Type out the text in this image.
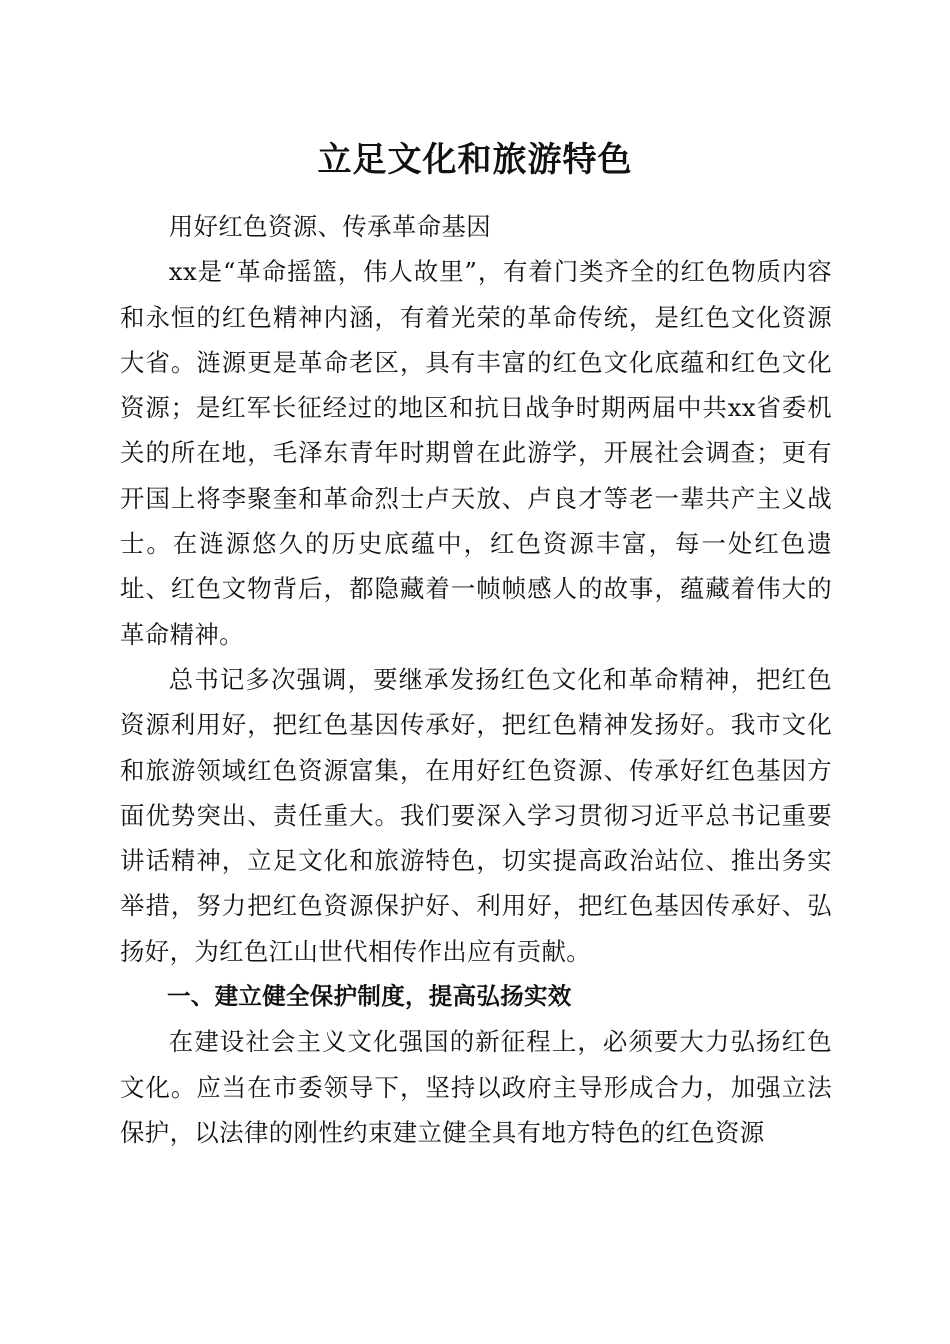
立足文化和旅游特色

用好红色资源、传承革命基因

xx是“革命摇篮，伟人故里”，有着门类齐全的红色物质内容和永恒的红色精神内涵，有着光荣的革命传统，是红色文化资源大省。涟源更是革命老区，具有丰富的红色文化底蕴和红色文化资源；是红军长征经过的地区和抗日战争时期两届中共xx省委机关的所在地，毛泽东青年时期曾在此游学，开展社会调查；更有开国上将李聚奎和革命烈士卢天放、卢良才等老一辈共产主义战士。在涟源悠久的历史底蕴中，红色资源丰富，每一处红色遗址、红色文物背后，都隐藏着一帧帧感人的故事，蕴藏着伟大的革命精神。

总书记多次强调，要继承发扬红色文化和革命精神，把红色资源利用好，把红色基因传承好，把红色精神发扬好。我市文化和旅游领域红色资源富集，在用好红色资源、传承好红色基因方面优势突出、责任重大。我们要深入学习贯彻习近平总书记重要讲话精神，立足文化和旅游特色，切实提高政治站位、推出务实举措，努力把红色资源保护好、利用好，把红色基因传承好、弘扬好，为红色江山世代相传作出应有贡献。

一、建立健全保护制度，提高弘扬实效

在建设社会主义文化强国的新征程上，必须要大力弘扬红色文化。应当在市委领导下，坚持以政府主导形成合力，加强立法保护，以法律的刚性约束建立健全具有地方特色的红色资源
